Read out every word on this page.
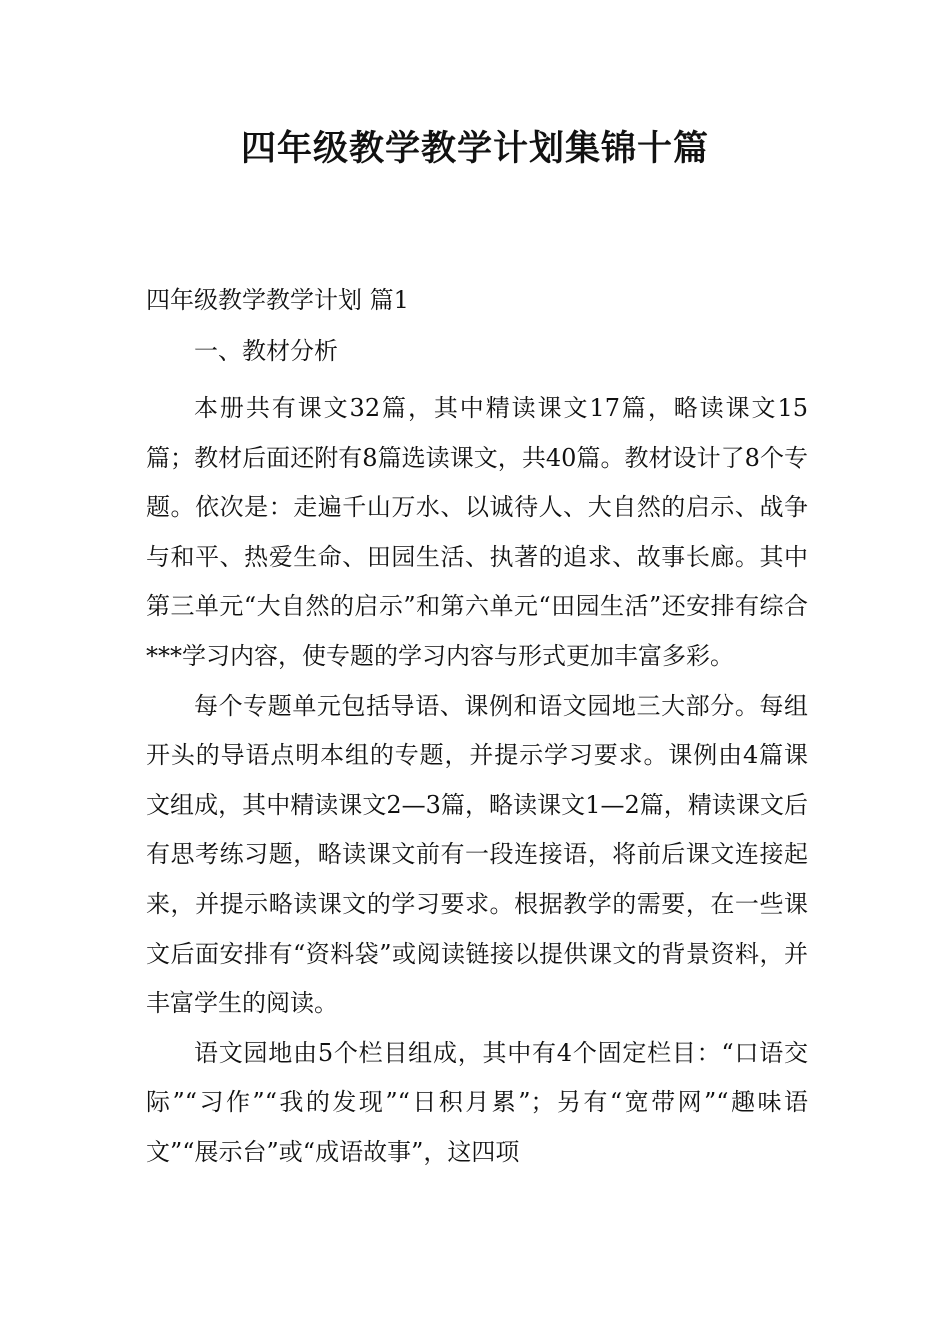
四年级教学教学计划集锦十篇

四年级教学教学计划 篇1

一、教材分析

本册共有课文32篇，其中精读课文17篇，略读课文15篇；教材后面还附有8篇选读课文，共40篇。教材设计了8个专题。依次是：走遍千山万水、以诚待人、大自然的启示、战争与和平、热爱生命、田园生活、执著的追求、故事长廊。其中第三单元“大自然的启示”和第六单元“田园生活”还安排有综合***学习内容，使专题的学习内容与形式更加丰富多彩。

每个专题单元包括导语、课例和语文园地三大部分。每组开头的导语点明本组的专题，并提示学习要求。课例由4篇课文组成，其中精读课文2—3篇，略读课文1—2篇，精读课文后有思考练习题，略读课文前有一段连接语，将前后课文连接起来，并提示略读课文的学习要求。根据教学的需要，在一些课文后面安排有“资料袋”或阅读链接以提供课文的背景资料，并丰富学生的阅读。

语文园地由5个栏目组成，其中有4个固定栏目：“口语交际”“习作”“我的发现”“日积月累”；另有“宽带网”“趣味语文”“展示台”或“成语故事”，这四项
